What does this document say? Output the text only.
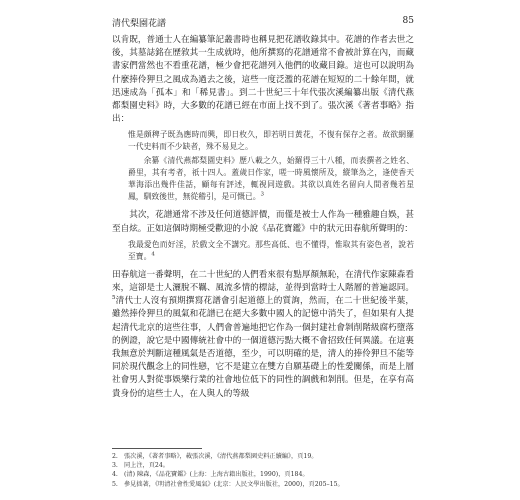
清代梨園花譜	85

以肯貺，普通士人在編纂筆記叢書時也稱見把花譜收錄其中。花譜的作者去世之後，其墓誌銘在歷敘其一生成就時，他所撰寫的花譜通常不會被計算在內，而藏書家們當然也不看重花譜，極少會把花譜列入他們的收藏目錄。這也可以說明為什麼捧伶狎旦之風成為過去之後，這些一度泛濫的花譜在短短的二十餘年間，就迅速成為「孤本」和「稀見書」。到二十世紀三十年代張次溪編纂出版《清代燕都梨園史料》時，大多數的花譜已經在市面上找不到了。張次溪《著者事略》指出：

惟是頗稗子既為應時而興，即日枚久，即若明日黃花，不復有保存之者。故欲網羅一代史料而不少缺者，殊不易見之。

余纂《清代燕都梨園史料》歷八載之久，始羅得三十八種，而表撰者之姓名、爵里，其有考者，祇十四人。蓋歲日作家，嗟一時風懷所及，縱筆為之，逢使香天華海添出幾件佳話，顧每有評述，輒視同遊戲。其欲以真姓名留向人間者幾若星鳳，馴致後世，無從稽引，是可慨已。$^3$

其次，花譜通常不涉及任何道德評價，而僅是被士人作為一種雅趣自娛，甚至自炫。正如這個時期極受歡迎的小說《品花寶鑑》中的狀元田春航所聲明的：

我最愛色而好淫，於戲文全不講究。那些高低、也不懂得，惟取其有姿色者，說若至寶。$^4$

田春航這一番聲明，在二十世紀的人們看來很有點厚顏無恥，在清代作家陳森看來，這卻是士人灑脫不羈、風流多情的標誌，並得到當時士人階層的普遍認同。$^5$清代士人沒有預期撰寫花譜會引起道德上的質詢，然而，在二十世紀後半葉，雖然捧伶狎旦的風氣和花譜已在絕大多數中國人的記憶中消失了，但如果有人提起清代北京的這些往事，人們會普遍地把它作為一個封建社會剝削階級腐朽墮落的例證，說它是中國傳統社會中的一個道德污點大概不會招致任何異議。在這裏我無意於判斷這種風氣是否道德，至少，可以明確的是，清人的捧伶狎旦不能等同於現代觀念上的同性戀，它不是建立在雙方自願基礎上的性愛關係，而是上層社會男人對從事娛樂行業的社會地位低下的同性的調戲和剝削。但是，在享有高貴身份的這些士人，在人與人的等級

2. 張次溪，《著者事略》，載張次溪，《清代燕都梨園史料正續編》，頁19。
3. 同上注，頁24。
4. (清) 陳森，《品花寶鑑》(上海：上海古籍出版社，1990)，頁184。
5. 參見拙著，《明清社會性愛風氣》(北京：人民文學出版社，2000)，頁205–15。
